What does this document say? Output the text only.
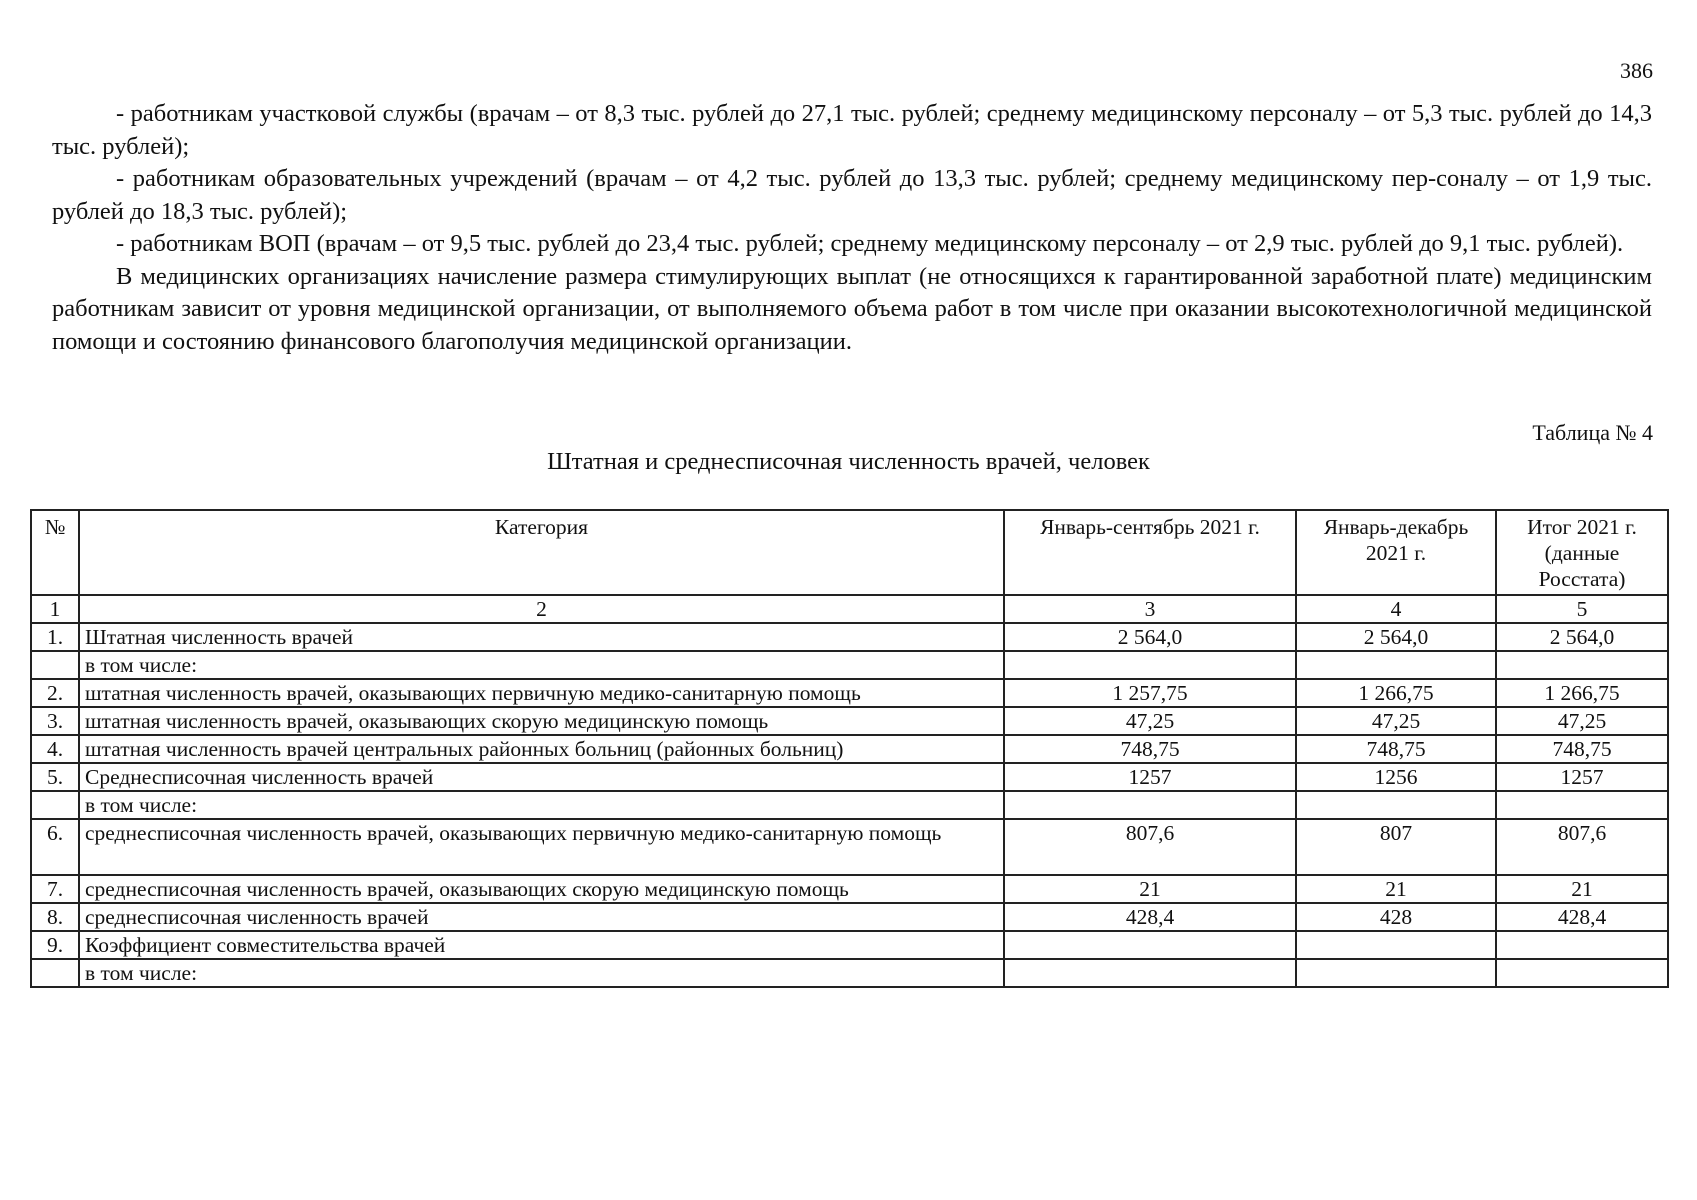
386

- работникам участковой службы (врачам – от 8,3 тыс. рублей до 27,1 тыс. рублей; среднему медицинскому персоналу – от 5,3 тыс. рублей до 14,3 тыс. рублей);

- работникам образовательных учреждений (врачам – от 4,2 тыс. рублей до 13,3 тыс. рублей; среднему медицинскому пер-соналу – от 1,9 тыс. рублей до 18,3 тыс. рублей);

- работникам ВОП (врачам – от 9,5 тыс. рублей до 23,4 тыс. рублей; среднему медицинскому персоналу – от 2,9 тыс. рублей до 9,1 тыс. рублей).

В медицинских организациях начисление размера стимулирующих выплат (не относящихся к гарантированной заработной плате) медицинским работникам зависит от уровня медицинской организации, от выполняемого объема работ в том числе при оказании высокотехнологичной медицинской помощи и состоянию финансового благополучия медицинской организации.

Таблица № 4
Штатная и среднесписочная численность врачей, человек
№	Категория	Январь-сентябрь 2021 г.	Январь-декабрь 2021 г.	Итог 2021 г. (данные Росстата)
1	2	3	4	5
1.	Штатная численность врачей	2 564,0	2 564,0	2 564,0
	в том числе:			
2.	штатная численность врачей, оказывающих первичную медико-санитарную помощь	1 257,75	1 266,75	1 266,75
3.	штатная численность врачей, оказывающих скорую медицинскую помощь	47,25	47,25	47,25
4.	штатная численность врачей центральных районных больниц (районных больниц)	748,75	748,75	748,75
5.	Среднесписочная численность врачей	1257	1256	1257
	в том числе:			
6.	среднесписочная численность врачей, оказывающих первичную медико-санитарную помощь	807,6	807	807,6
7.	среднесписочная численность врачей, оказывающих скорую медицинскую помощь	21	21	21
8.	среднесписочная численность врачей	428,4	428	428,4
9.	Коэффициент совместительства врачей			
	в том числе:			
